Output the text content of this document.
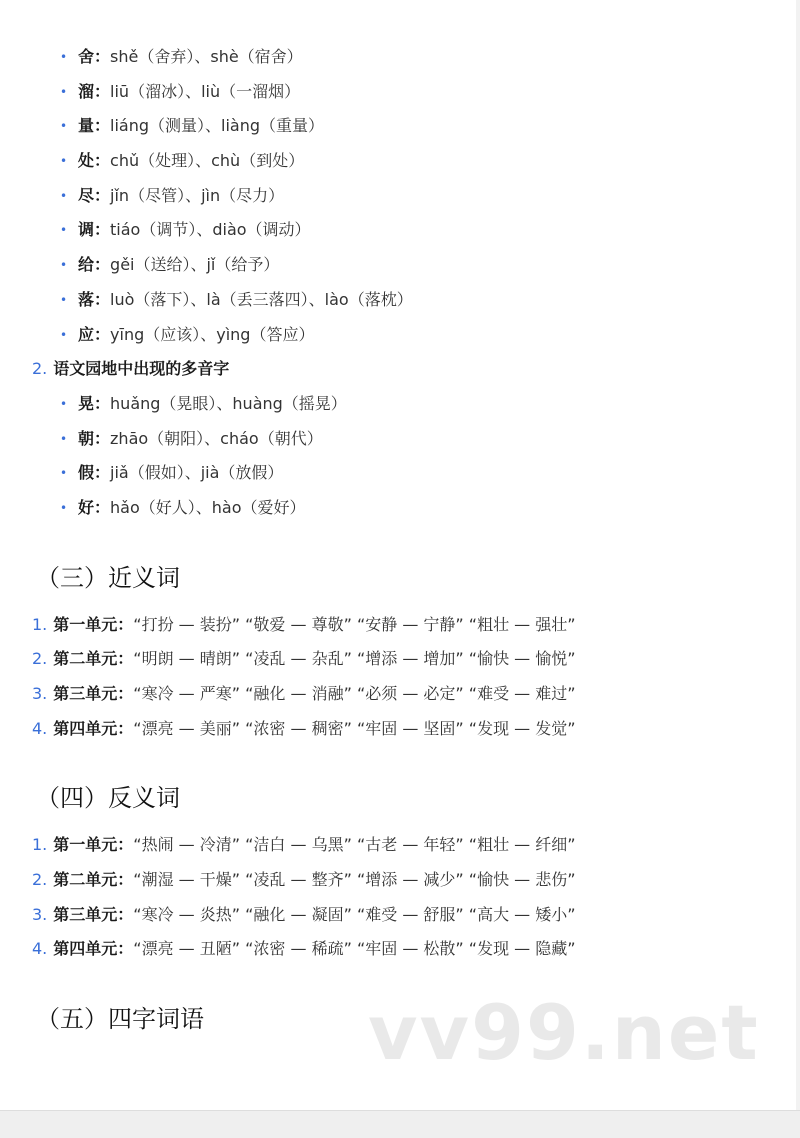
• 舍：shě（舍弃）、shè（宿舍）
• 溜：liū（溜冰）、liù（一溜烟）
• 量：liáng（测量）、liàng（重量）
• 处：chǔ（处理）、chù（到处）
• 尽：jǐn（尽管）、jìn（尽力）
• 调：tiáo（调节）、diào（调动）
• 给：gěi（送给）、jǐ（给予）
• 落：luò（落下）、là（丢三落四）、lào（落枕）
• 应：yīng（应该）、yìng（答应）
2. 语文园地中出现的多音字
• 晃：huǎng（晃眼）、huàng（摇晃）
• 朝：zhāo（朝阳）、cháo（朝代）
• 假：jiǎ（假如）、jià（放假）
• 好：hǎo（好人）、hào（爱好）
（三）近义词
1. 第一单元：“打扮 — 装扮” “敬爱 — 尊敬” “安静 — 宁静” “粗壮 — 强壮”
2. 第二单元：“明朗 — 晴朗” “凌乱 — 杂乱” “增添 — 增加” “愉快 — 愉悦”
3. 第三单元：“寒冷 — 严寒” “融化 — 消融” “必须 — 必定” “难受 — 难过”
4. 第四单元：“漂亮 — 美丽” “浓密 — 稠密” “牢固 — 坚固” “发现 — 发觉”
（四）反义词
1. 第一单元：“热闹 — 冷清” “洁白 — 乌黑” “古老 — 年轻” “粗壮 — 纤细”
2. 第二单元：“潮湿 — 干燥” “凌乱 — 整齐” “增添 — 减少” “愉快 — 悲伤”
3. 第三单元：“寒冷 — 炎热” “融化 — 凝固” “难受 — 舒服” “高大 — 矮小”
4. 第四单元：“漂亮 — 丑陋” “浓密 — 稀疏” “牢固 — 松散” “发现 — 隐藏”
（五）四字词语	vv99.net
